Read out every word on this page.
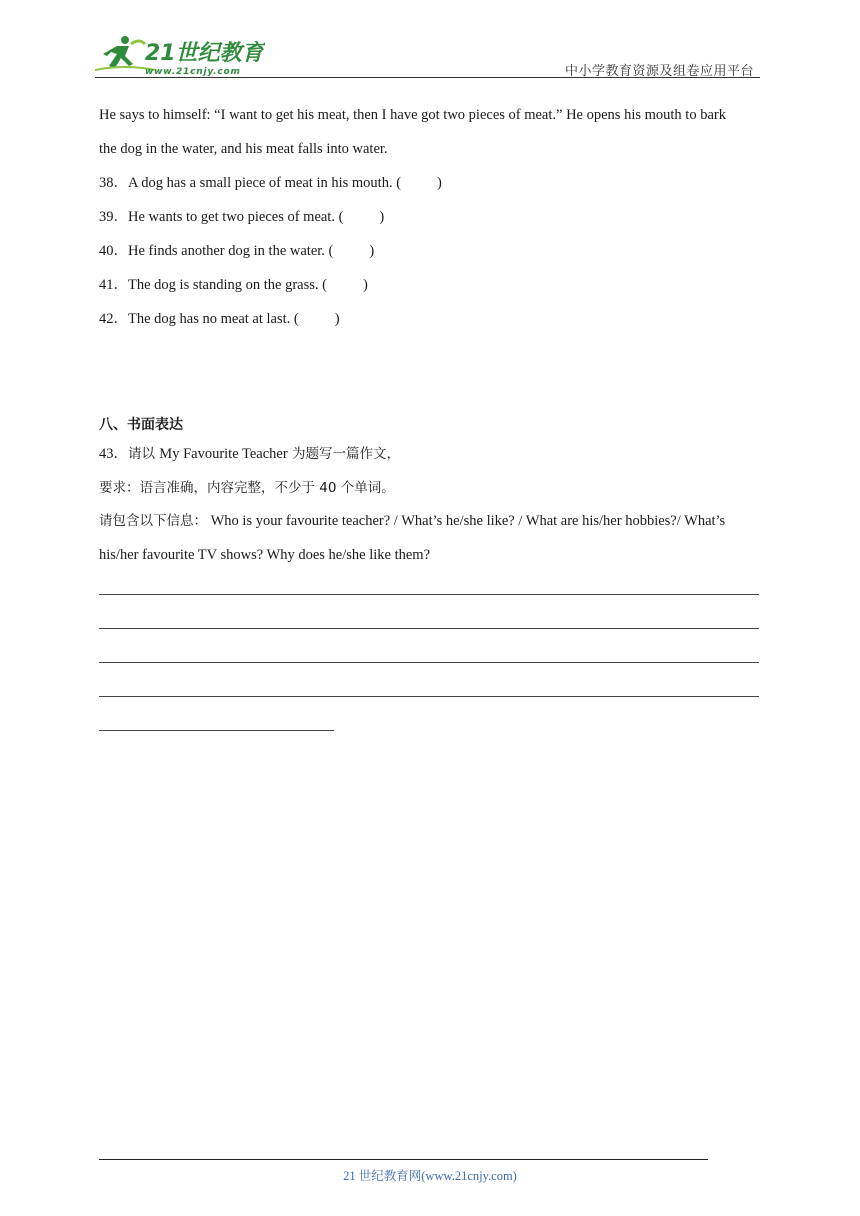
21世纪教育
www.21cnjy.com	中小学教育资源及组卷应用平台
He says to himself: “I want to get his meat, then I have got two pieces of meat.” He opens his mouth to bark
the dog in the water, and his meat falls into water.
38．A dog has a small piece of meat in his mouth. ( )
39．He wants to get two pieces of meat. ( )
40．He finds another dog in the water. ( )
41．The dog is standing on the grass. ( )
42．The dog has no meat at last. ( )
八、书面表达
43．请以 My Favourite Teacher 为题写一篇作文，
要求：语言准确，内容完整，不少于 40 个单词。
请包含以下信息： Who is your favourite teacher? / What’s he/she like? / What are his/her hobbies?/ What’s
his/her favourite TV shows? Why does he/she like them?
21 世纪教育网(www.21cnjy.com)
